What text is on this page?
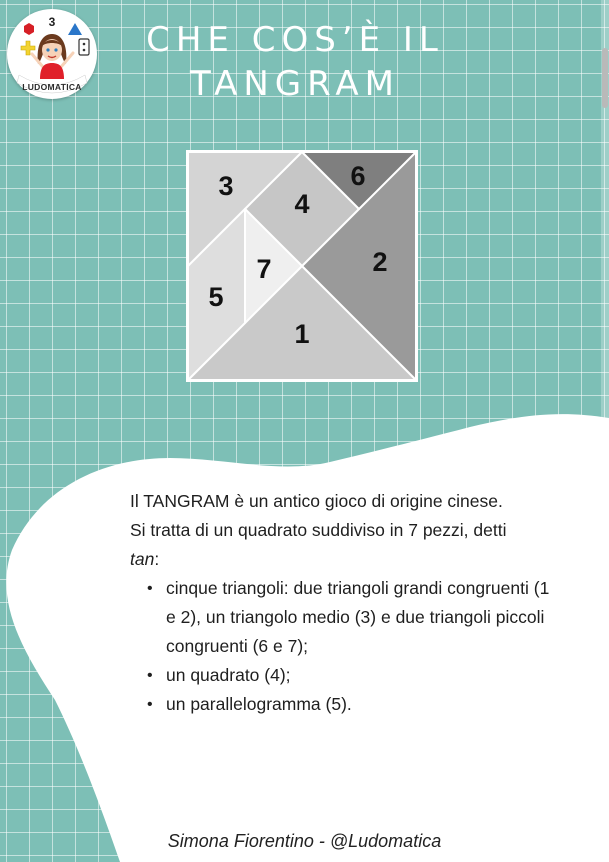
3
LUDOMATICA
CHE COS’È IL
TANGRAM
1
2
3
4
5
6
7

Il TANGRAM è un antico gioco di origine cinese.

Si tratta di un quadrato suddiviso in 7 pezzi, detti
tan:

• cinque triangoli: due triangoli grandi congruenti (1 e 2), un triangolo medio (3) e due triangoli piccoli congruenti (6 e 7);
• un quadrato (4);
• un parallelogramma (5).
Simona Fiorentino - @Ludomatica
